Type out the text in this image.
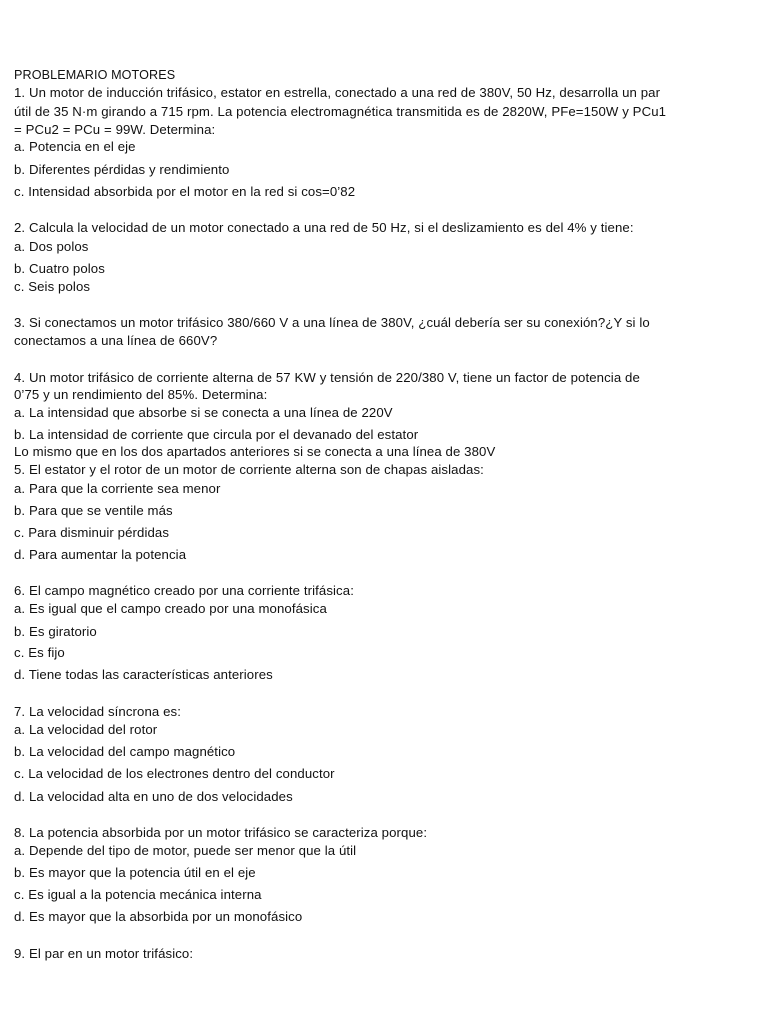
PROBLEMARIO MOTORES
1. Un motor de inducción trifásico, estator en estrella, conectado a una red de 380V, 50 Hz, desarrolla un par
útil de 35 N·m girando a 715 rpm. La potencia electromagnética transmitida es de 2820W, PFe=150W y PCu1
= PCu2 = PCu = 99W. Determina:
a. Potencia en el eje
b. Diferentes pérdidas y rendimiento
c. Intensidad absorbida por el motor en la red si cos=0’82
2. Calcula la velocidad de un motor conectado a una red de 50 Hz, si el deslizamiento es del 4% y tiene:
a. Dos polos
b. Cuatro polos
c. Seis polos
3. Si conectamos un motor trifásico 380/660 V a una línea de 380V, ¿cuál debería ser su conexión?¿Y si lo
conectamos a una línea de 660V?
4. Un motor trifásico de corriente alterna de 57 KW y tensión de 220/380 V, tiene un factor de potencia de
0’75 y un rendimiento del 85%. Determina:
a. La intensidad que absorbe si se conecta a una línea de 220V
b. La intensidad de corriente que circula por el devanado del estator
Lo mismo que en los dos apartados anteriores si se conecta a una línea de 380V
5. El estator y el rotor de un motor de corriente alterna son de chapas aisladas:
a. Para que la corriente sea menor
b. Para que se ventile más
c. Para disminuir pérdidas
d. Para aumentar la potencia
6. El campo magnético creado por una corriente trifásica:
a. Es igual que el campo creado por una monofásica
b. Es giratorio
c. Es fijo
d. Tiene todas las características anteriores
7. La velocidad síncrona es:
a. La velocidad del rotor
b. La velocidad del campo magnético
c. La velocidad de los electrones dentro del conductor
d. La velocidad alta en uno de dos velocidades
8. La potencia absorbida por un motor trifásico se caracteriza porque:
a. Depende del tipo de motor, puede ser menor que la útil
b. Es mayor que la potencia útil en el eje
c. Es igual a la potencia mecánica interna
d. Es mayor que la absorbida por un monofásico
9. El par en un motor trifásico:
